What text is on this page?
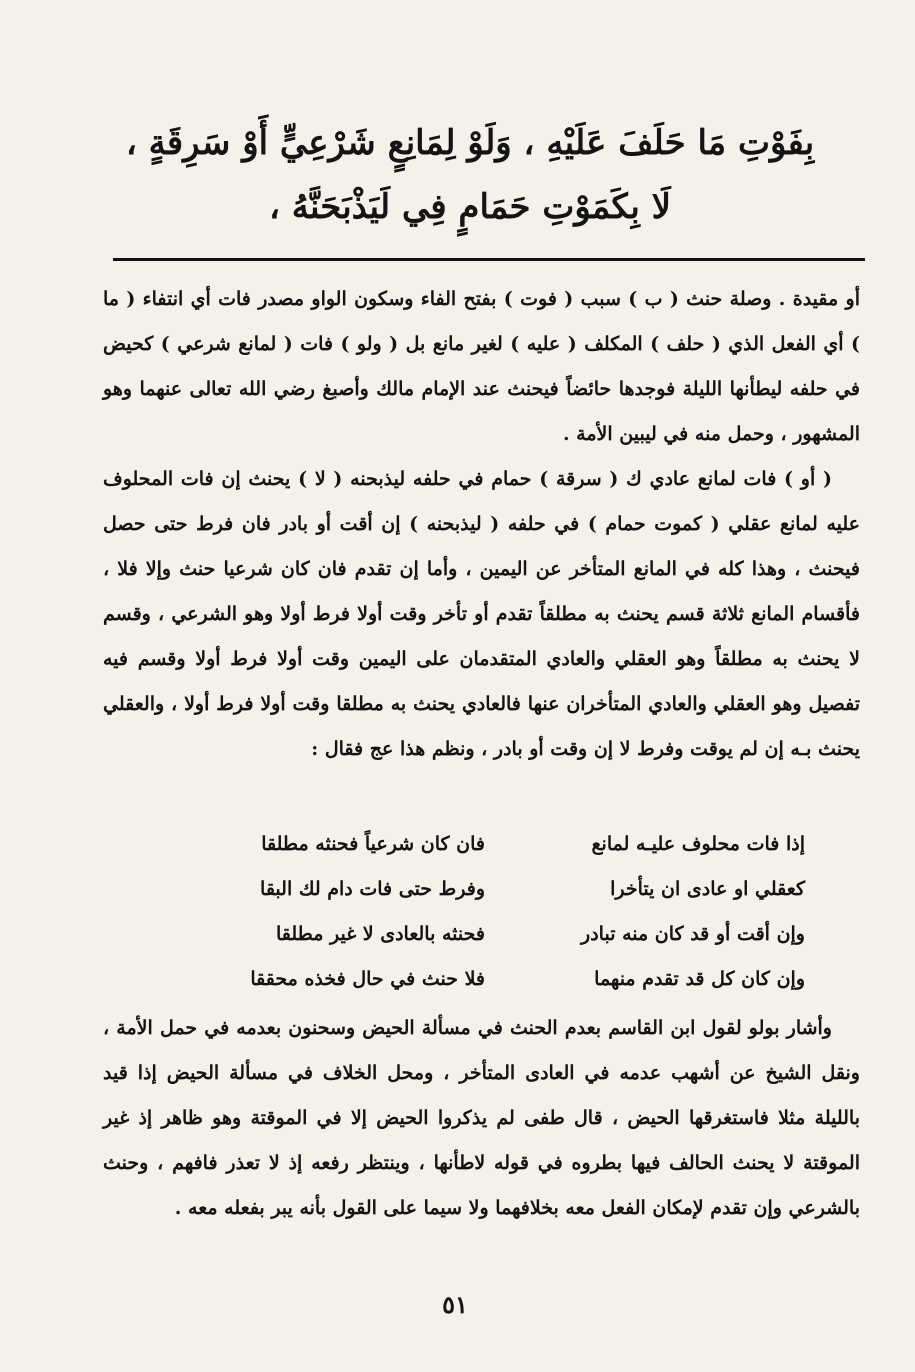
بِفَوْتِ مَا حَلَفَ عَلَيْهِ ، وَلَوْ لِمَانِعٍ شَرْعِيٍّ أَوْ سَرِقَةٍ ،
لَا بِكَمَوْتِ حَمَامٍ فِي لَيَذْبَحَنَّهُ ،

أو مقيدة . وصلة حنث ( ب ) سبب ( فوت ) بفتح الفاء وسكون الواو مصدر فات أي انتفاء ( ما ) أي الفعل الذي ( حلف ) المكلف ( عليه ) لغير مانع بل ( ولو ) فات ( لمانع شرعي ) كحيض في حلفه ليطأنها الليلة فوجدها حائضاً فيحنث عند الإمام مالك وأصبغ رضي الله تعالى عنهما وهو المشهور ، وحمل منه في ليبين الأمة .

( أو ) فات لمانع عادي ك ( سرقة ) حمام في حلفه ليذبحنه ( لا ) يحنث إن فات المحلوف عليه لمانع عقلي ( كموت حمام ) في حلفه ( ليذبحنه ) إن أقت أو بادر فان فرط حتى حصل فيحنث ، وهذا كله في المانع المتأخر عن اليمين ، وأما إن تقدم فان كان شرعيا حنث وإلا فلا ، فأقسام المانع ثلاثة قسم يحنث به مطلقاً تقدم أو تأخر وقت أولا فرط أولا وهو الشرعي ، وقسم لا يحنث به مطلقاً وهو العقلي والعادي المتقدمان على اليمين وقت أولا فرط أولا وقسم فيه تفصيل وهو العقلي والعادي المتأخران عنها فالعادي يحنث به مطلقا وقت أولا فرط أولا ، والعقلي يحنث بـه إن لم يوقت وفرط لا إن وقت أو بادر ، ونظم هذا عج فقال :

إذا فات محلوف عليـه لمانع
فان كان شرعياً فحنثه مطلقا
كعقلي او عادى ان يتأخرا
وفرط حتى فات دام لك البقا
وإن أقت أو قد كان منه تبادر
فحنثه بالعادى لا غير مطلقا
وإن كان كل قد تقدم منهما
فلا حنث في حال فخذه محققا

وأشار بولو لقول ابن القاسم بعدم الحنث في مسألة الحيض وسحنون بعدمه في حمل الأمة ، ونقل الشيخ عن أشهب عدمه في العادى المتأخر ، ومحل الخلاف في مسألة الحيض إذا قيد بالليلة مثلا فاستغرقها الحيض ، قال طفى لم يذكروا الحيض إلا في الموقتة وهو ظاهر إذ غير الموقتة لا يحنث الحالف فيها بطروه في قوله لاطأنها ، وينتظر رفعه إذ لا تعذر فافهم ، وحنث بالشرعي وإن تقدم لإمكان الفعل معه بخلافهما ولا سيما على القول بأنه يبر بفعله معه .

٥١
